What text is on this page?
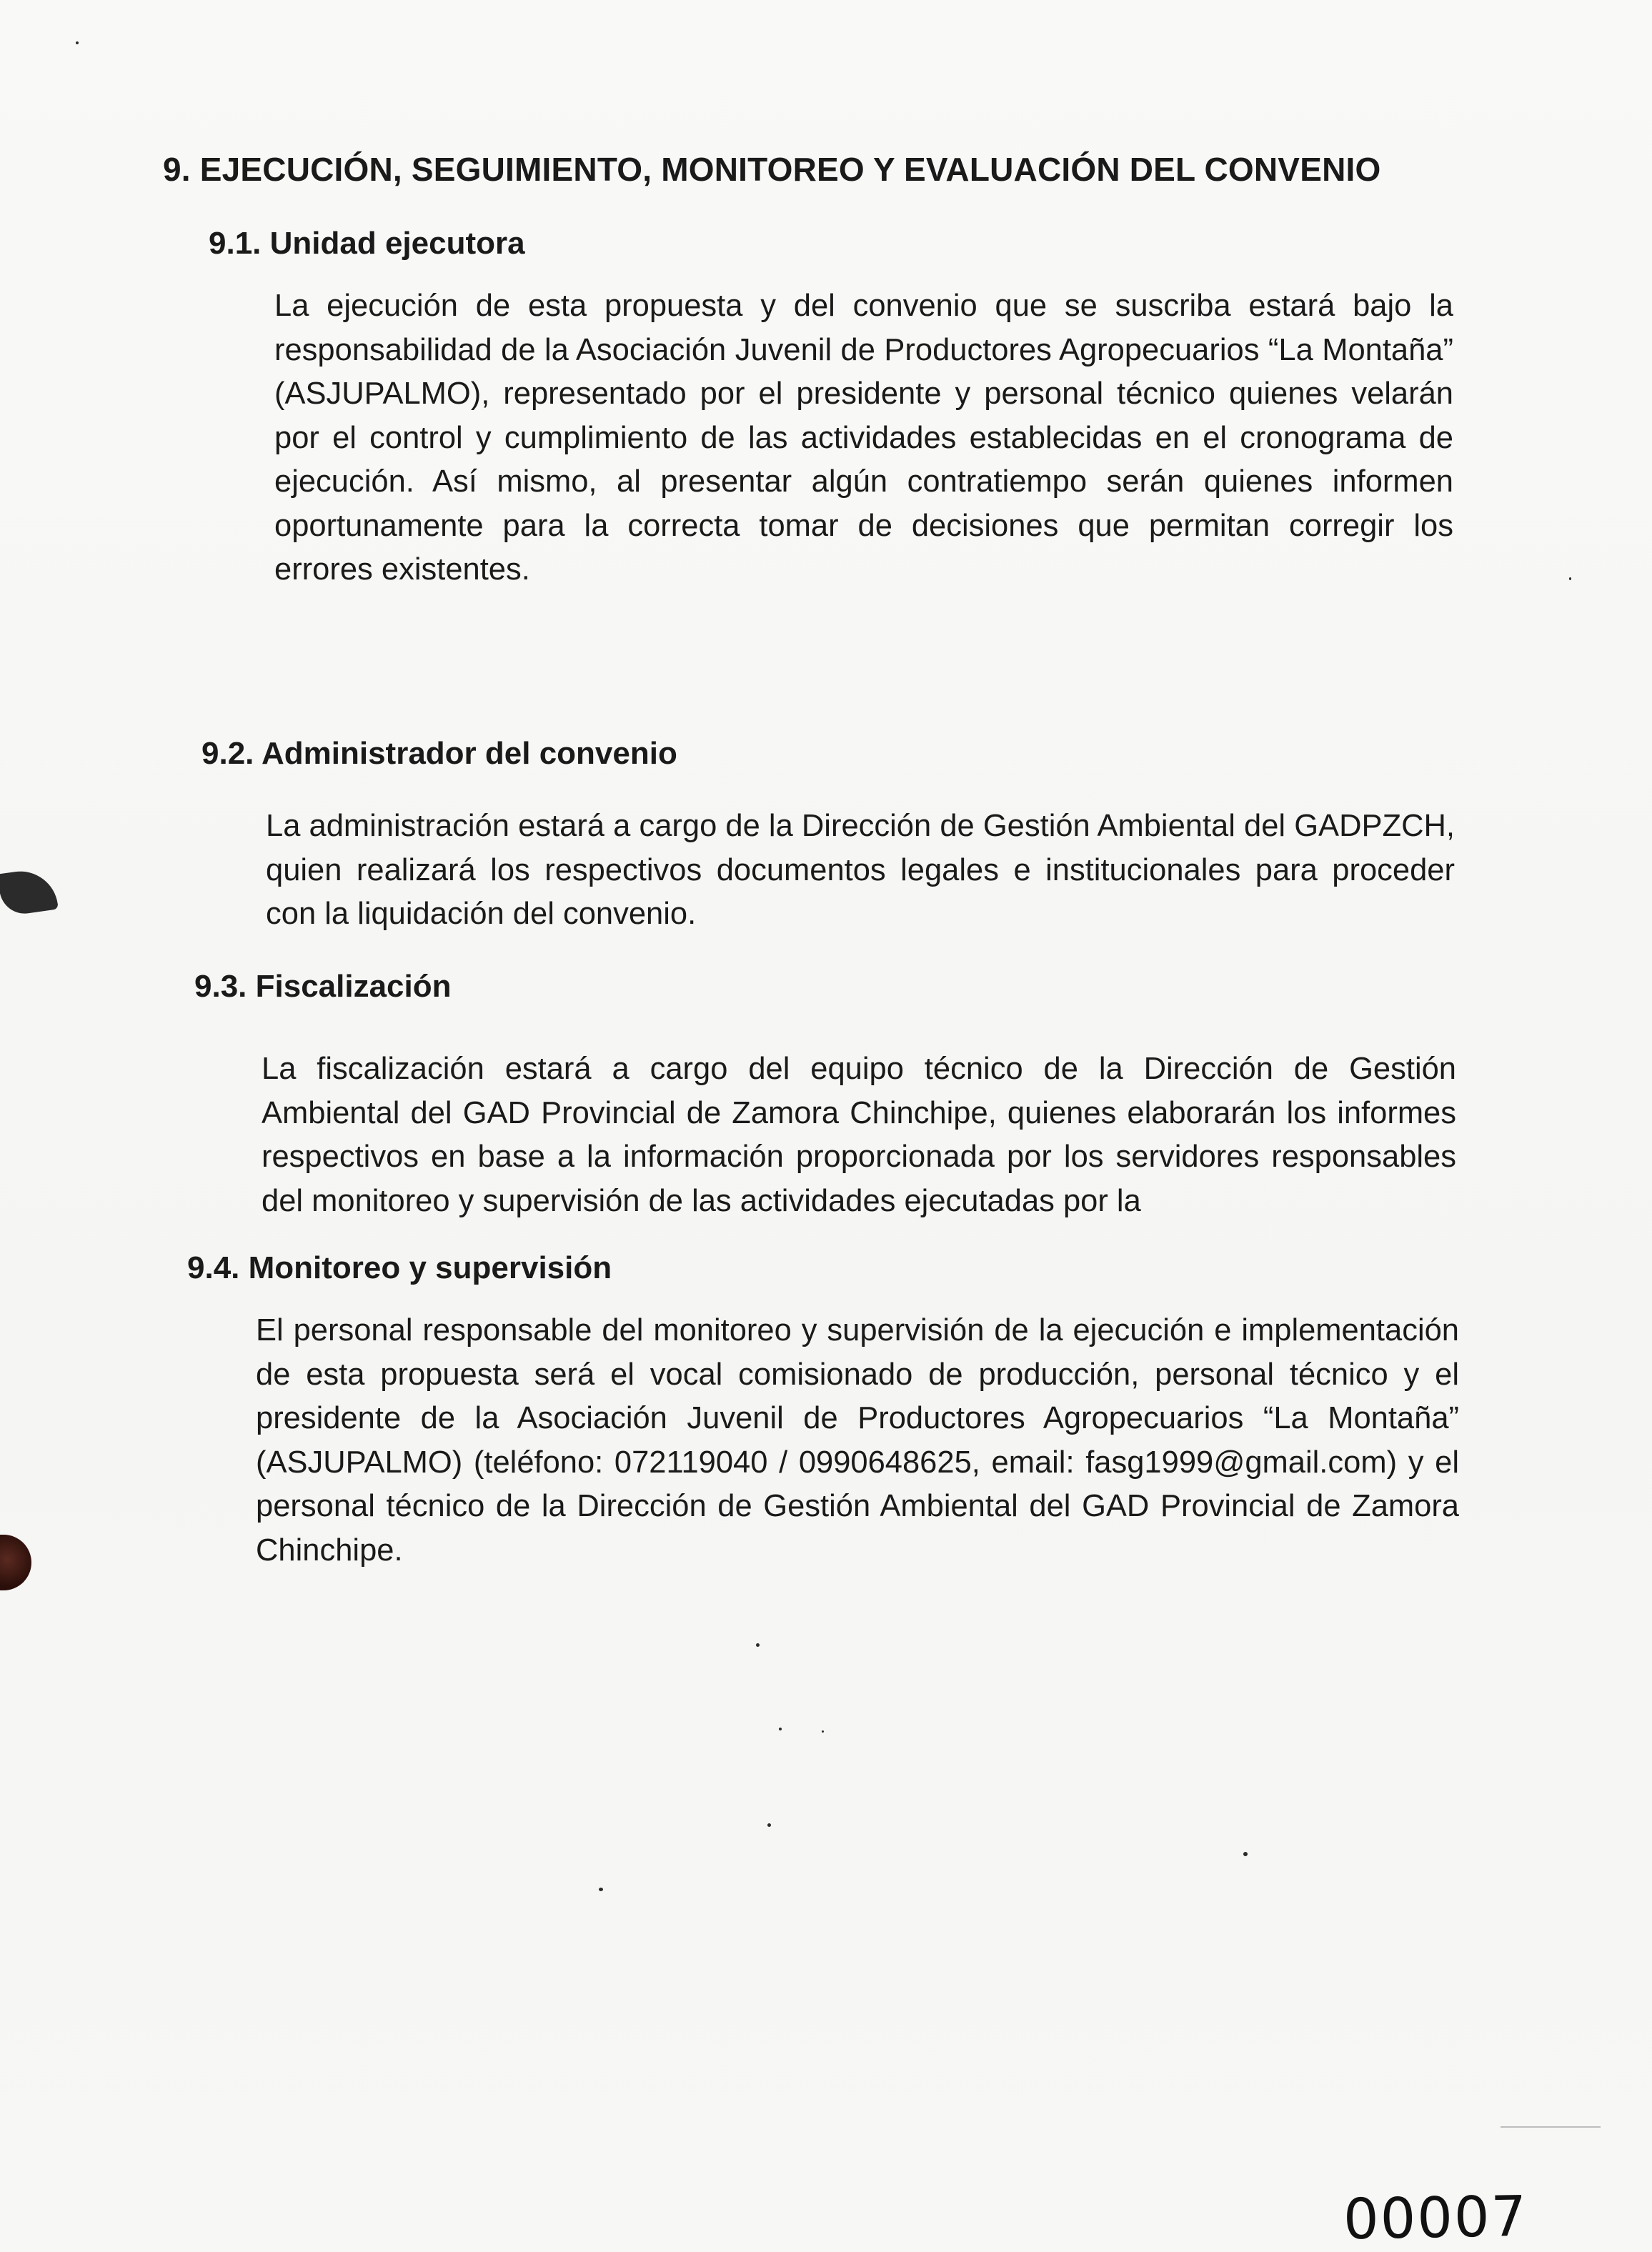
9. EJECUCIÓN, SEGUIMIENTO, MONITOREO Y EVALUACIÓN DEL CONVENIO
9.1. Unidad ejecutora
La ejecución de esta propuesta y del convenio que se suscriba estará bajo la responsabilidad de la Asociación Juvenil de Productores Agropecuarios “La Montaña” (ASJUPALMO), representado por el presidente y personal técnico quienes velarán por el control y cumplimiento de las actividades establecidas en el cronograma de ejecución. Así mismo, al presentar algún contratiempo serán quienes informen oportunamente para la correcta tomar de decisiones que permitan corregir los errores existentes.
9.2. Administrador del convenio
La administración estará a cargo de la Dirección de Gestión Ambiental del GADPZCH, quien realizará los respectivos documentos legales e institucionales para proceder con la liquidación del convenio.
9.3. Fiscalización
La fiscalización estará a cargo del equipo técnico de la Dirección de Gestión Ambiental del GAD Provincial de Zamora Chinchipe, quienes elaborarán los informes respectivos en base a la información proporcionada por los servidores responsables del monitoreo y supervisión de las actividades ejecutadas por la
9.4. Monitoreo y supervisión
El personal responsable del monitoreo y supervisión de la ejecución e implementación de esta propuesta será el vocal comisionado de producción, personal técnico y el presidente de la Asociación Juvenil de Productores Agropecuarios “La Montaña” (ASJUPALMO) (teléfono: 072119040 / 0990648625, email: fasg1999@gmail.com) y el personal técnico de la Dirección de Gestión Ambiental del GAD Provincial de Zamora Chinchipe.
00007
